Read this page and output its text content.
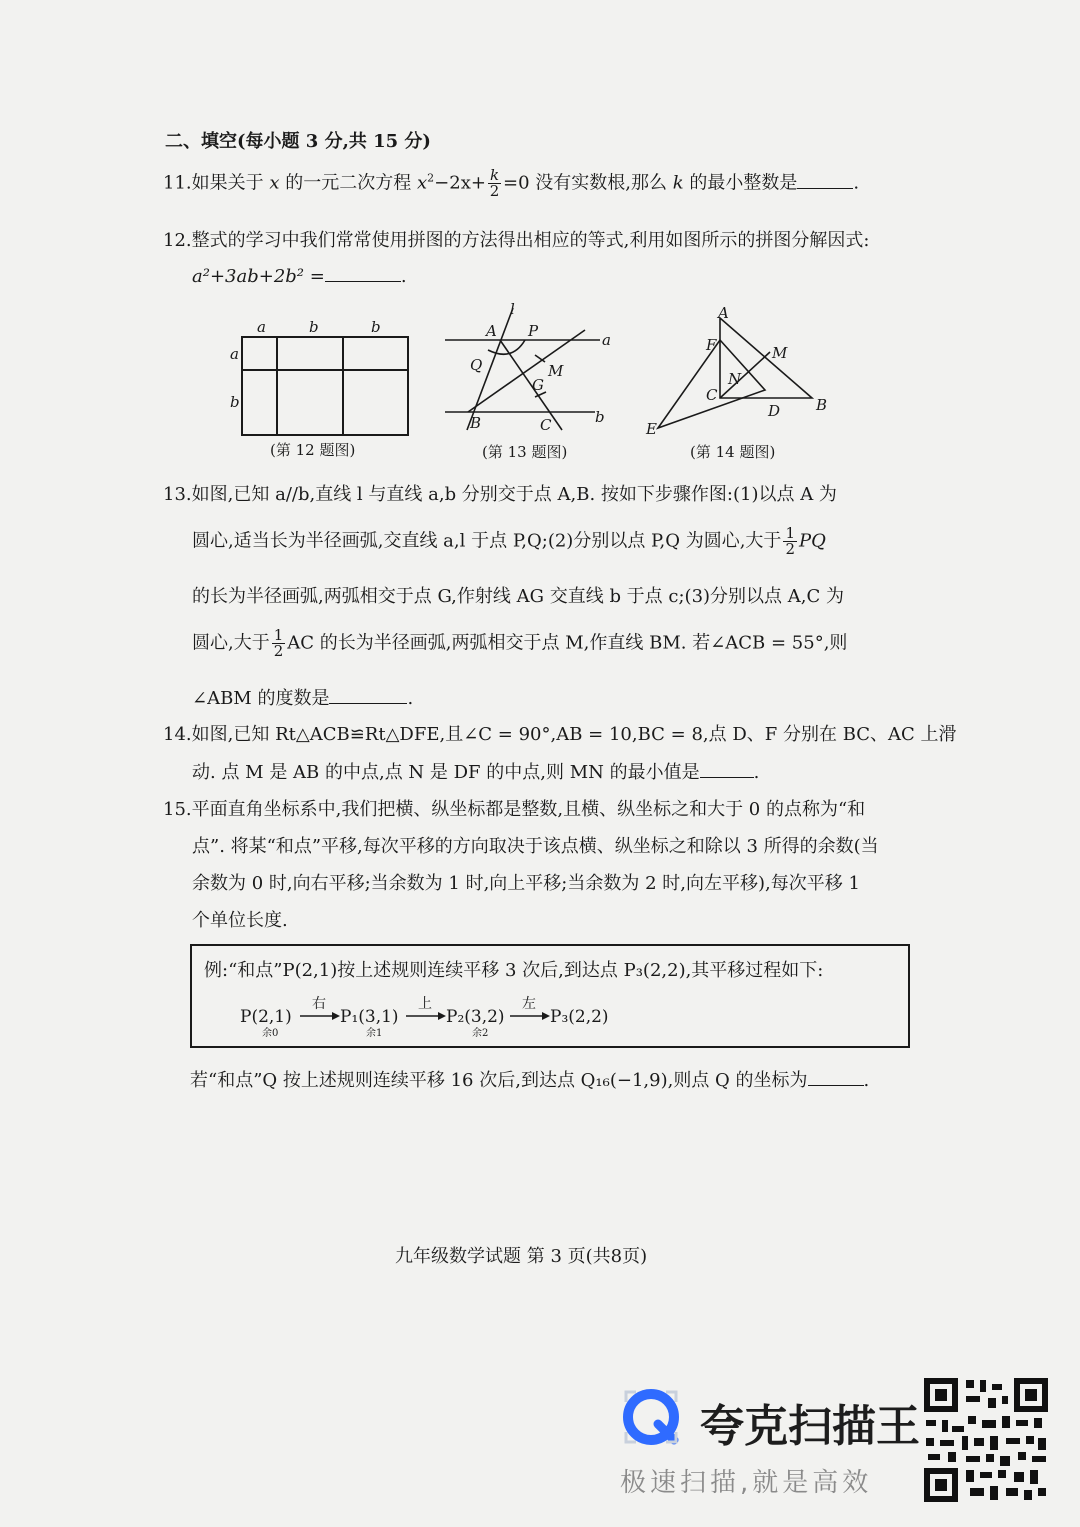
二、填空(每小题 3 分,共 15 分)
11.如果关于 x 的一元二次方程 $x^2-2x+ \frac{k}{2} =0$ 没有实数根,那么 k 的最小整数是	.
12.整式的学习中我们常常使用拼图的方法得出相应的等式,利用如图所示的拼图分解因式:
a²+3ab+2b² =	.
a	b	b
a
b
(第 12 题图)
l
A P	a
Q	M
G
B	C	b
(第 13 题图)
A
F	M
N
C
D B
E
(第 14 题图)
13.如图,已知 a//b,直线 l 与直线 a,b 分别交于点 A,B. 按如下步骤作图:(1)以点 A 为
圆心,适当长为半径画弧,交直线 a,l 于点 P,Q;(2)分别以点 P,Q 为圆心,大于 $\frac{1}{2}$ PQ
的长为半径画弧,两弧相交于点 G,作射线 AG 交直线 b 于点 c;(3)分别以点 A,C 为
圆心,大于 $\frac{1}{2}$ AC 的长为半径画弧,两弧相交于点 M,作直线 BM. 若∠ACB = 55°,则
∠ABM 的度数是	.
14.如图,已知 Rt△ACB≌Rt△DFE,且∠C = 90°,AB = 10,BC = 8,点 D、F 分别在 BC、AC 上滑
动. 点 M 是 AB 的中点,点 N 是 DF 的中点,则 MN 的最小值是	.
15.平面直角坐标系中,我们把横、纵坐标都是整数,且横、纵坐标之和大于 0 的点称为“和
点”. 将某“和点”平移,每次平移的方向取决于该点横、纵坐标之和除以 3 所得的余数(当
余数为 0 时,向右平移;当余数为 1 时,向上平移;当余数为 2 时,向左平移),每次平移 1
个单位长度.
例:“和点”P(2,1)按上述规则连续平移 3 次后,到达点 P₃(2,2),其平移过程如下:
P(2,1)	P₁(3,1)	P₂(3,2)	P₃(2,2)
余0	余1	余2
右	上	左
若“和点”Q 按上述规则连续平移 16 次后,到达点 Q₁₆(−1,9),则点 Q 的坐标为	.
九年级数学试题 第 3 页(共8页)
夸克扫描王
极速扫描,就是高效
